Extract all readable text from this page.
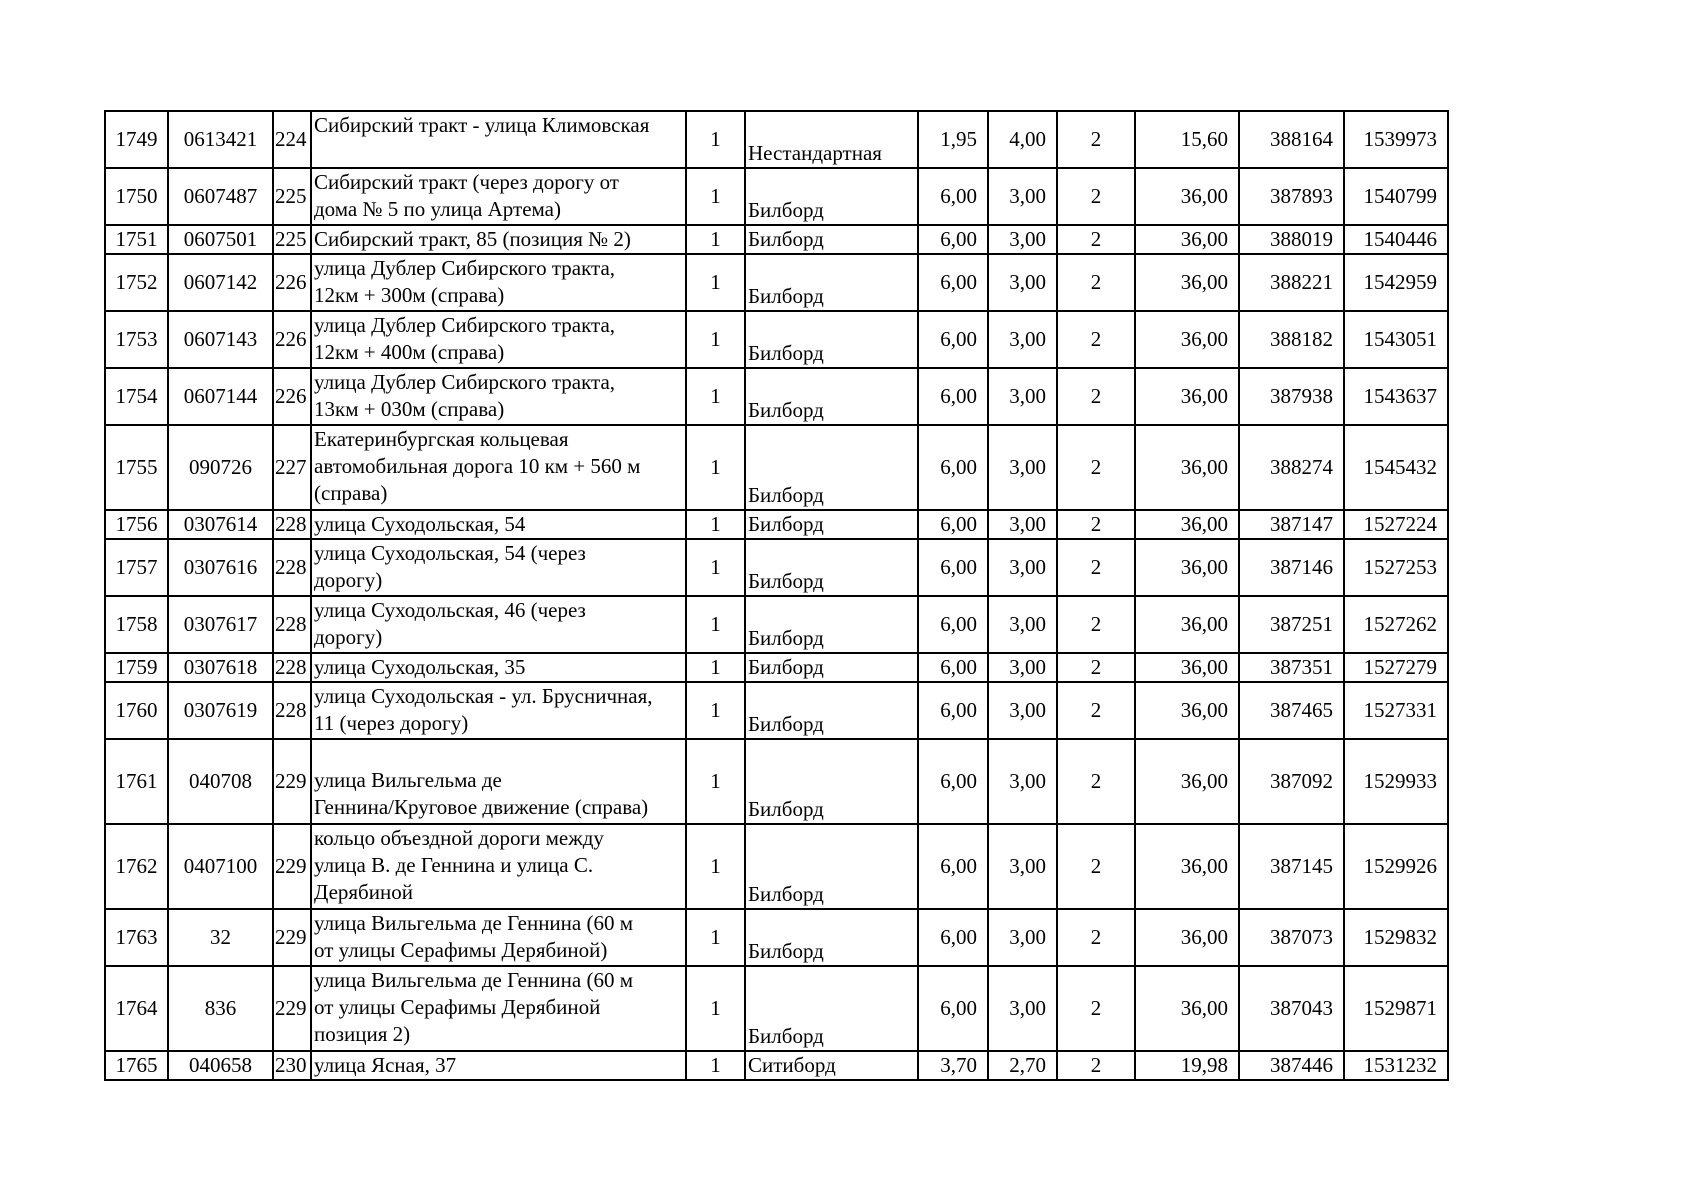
1749	0613421	224	Сибирский тракт - улица Климовская	1	Нестандартная	1,95	4,00	2	15,60	388164	1539973
1750	0607487	225	Сибирский тракт (через дорогу от
дома № 5 по улица Артема)	1	Билборд	6,00	3,00	2	36,00	387893	1540799
1751	0607501	225	Сибирский тракт, 85 (позиция № 2)	1	Билборд	6,00	3,00	2	36,00	388019	1540446
1752	0607142	226	улица Дублер Сибирского тракта,
12км + 300м (справа)	1	Билборд	6,00	3,00	2	36,00	388221	1542959
1753	0607143	226	улица Дублер Сибирского тракта,
12км + 400м (справа)	1	Билборд	6,00	3,00	2	36,00	388182	1543051
1754	0607144	226	улица Дублер Сибирского тракта,
13км + 030м (справа)	1	Билборд	6,00	3,00	2	36,00	387938	1543637
1755	090726	227	Екатеринбургская кольцевая
автомобильная дорога 10 км + 560 м
(справа)	1	Билборд	6,00	3,00	2	36,00	388274	1545432
1756	0307614	228	улица Суходольская, 54	1	Билборд	6,00	3,00	2	36,00	387147	1527224
1757	0307616	228	улица Суходольская, 54 (через
дорогу)	1	Билборд	6,00	3,00	2	36,00	387146	1527253
1758	0307617	228	улица Суходольская, 46 (через
дорогу)	1	Билборд	6,00	3,00	2	36,00	387251	1527262
1759	0307618	228	улица Суходольская, 35	1	Билборд	6,00	3,00	2	36,00	387351	1527279
1760	0307619	228	улица Суходольская - ул. Брусничная,
11 (через дорогу)	1	Билборд	6,00	3,00	2	36,00	387465	1527331
1761	040708	229	
улица Вильгельма де
Геннина/Круговое движение (справа)	1	Билборд	6,00	3,00	2	36,00	387092	1529933
1762	0407100	229	кольцо объездной дороги между
улица В. де Геннина и улица С.
Дерябиной	1	Билборд	6,00	3,00	2	36,00	387145	1529926
1763	32	229	улица Вильгельма де Геннина (60 м
от улицы Серафимы Дерябиной)	1	Билборд	6,00	3,00	2	36,00	387073	1529832
1764	836	229	улица Вильгельма де Геннина (60 м
от улицы Серафимы Дерябиной
позиция 2)	1	Билборд	6,00	3,00	2	36,00	387043	1529871
1765	040658	230	улица Ясная, 37	1	Ситиборд	3,70	2,70	2	19,98	387446	1531232
